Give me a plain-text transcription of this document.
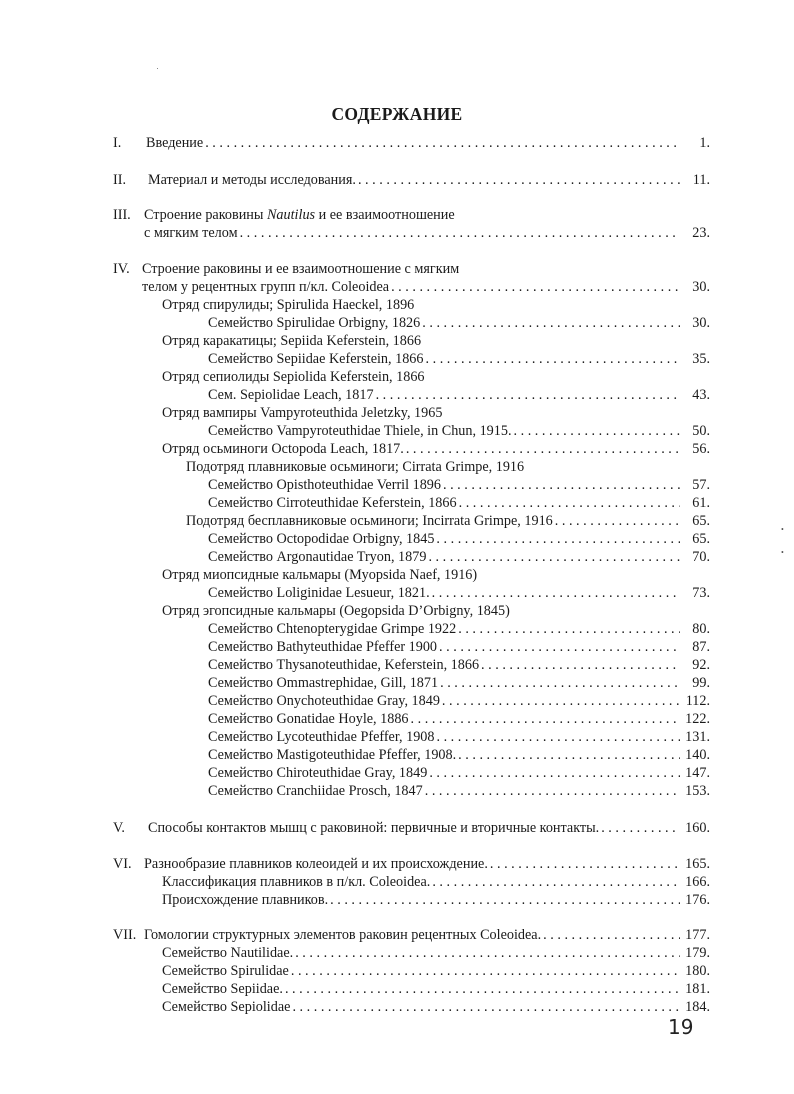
СОДЕРЖАНИЕ
I. Введение . . .	1.
II. Материал и методы исследования. . . .	11.
III. Строение раковины Nautilus и ее взаимоотношение
с мягким телом . . .	23.
IV. Строение раковины и ее взаимоотношение с мягким
телом у рецентных групп п/кл. Coleoidea . . .	30.
Отряд спирулиды; Spirulida Haeckel, 1896
Семейство Spirulidae Orbigny, 1826 . . .	30.
Отряд каракатицы; Sepiida Keferstein, 1866
Семейство Sepiidae Keferstein, 1866 . . .	35.
Отряд сепиолиды Sepiolida Keferstein, 1866
Сем. Sepiolidae Leach, 1817 . . .	43.
Отряд вампиры Vampyroteuthida Jeletzky, 1965
Семейство Vampyroteuthidae Thiele, in Chun, 1915. . . .	50.
Отряд осьминоги Octopoda Leach, 1817. . . .	56.
Подотряд плавниковые осьминоги; Cirrata Grimpe, 1916
Семейство Opisthoteuthidae Verril 1896 . . .	57.
Семейство Cirroteuthidae Keferstein, 1866 . . .	61.
Подотряд бесплавниковые осьминоги; Incirrata Grimpe, 1916 . . .	65.
Семейство Octopodidae Orbigny, 1845 . . .	65.
Семейство Argonautidae Tryon, 1879 . . .	70.
Отряд миопсидные кальмары (Myopsida Naef, 1916)
Семейство Loliginidae Lesueur, 1821. . . .	73.
Отряд эгопсидные кальмары (Oegopsida D’Orbigny, 1845)
Семейство Chtenopterygidae Grimpe 1922 . . .	80.
Семейство Bathyteuthidae Pfeffer 1900 . . .	87.
Семейство Thysanoteuthidae, Keferstein, 1866 . . .	92.
Семейство Ommastrephidae, Gill, 1871 . . .	99.
Семейство Onychoteuthidae Gray, 1849 . . .	112.
Семейство Gonatidae Hoyle, 1886 . . .	122.
Семейство Lycoteuthidae Pfeffer, 1908 . . .	131.
Семейство Mastigoteuthidae Pfeffer, 1908. . . .	140.
Семейство Chiroteuthidae Gray, 1849 . . .	147.
Семейство Cranchiidae Prosch, 1847 . . .	153.
V. Способы контактов мышц с раковиной: первичные и вторичные контакты. . . .	160.
VI. Разнообразие плавников колеоидей и их происхождение. . . .	165.
Классификация плавников в п/кл. Coleoidea. . . .	166.
Происхождение плавников. . . .	176.
VII. Гомологии структурных элементов раковин рецентных Coleoidea. . . .	177.
Семейство Nautilidae. . . .	179.
Семейство Spirulidae . . .	180.
Семейство Sepiidae. . . .	181.
Семейство Sepiolidae . . .	184.
•
•
19
